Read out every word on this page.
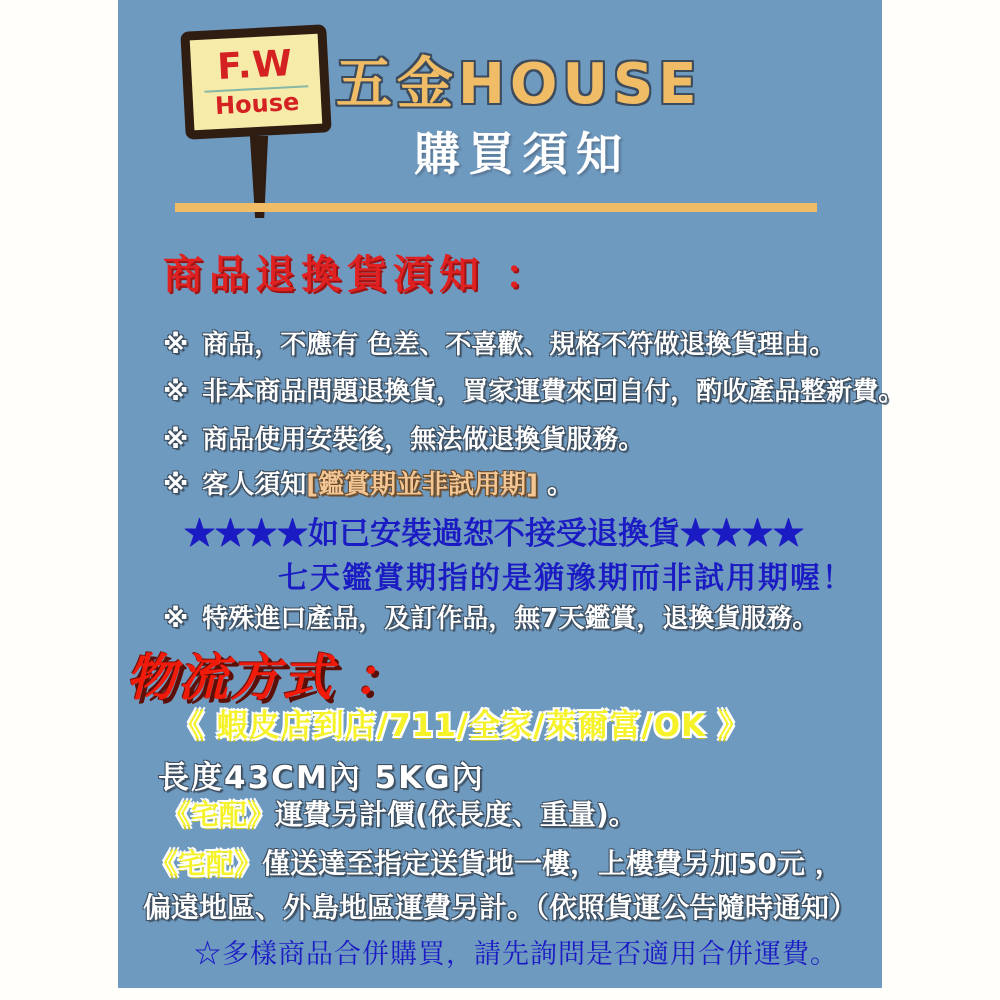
F.W
House 五金HOUSE
購買須知
商品退換貨湏知 ：
※ 商品，不應有 色差、不喜歡、規格不符做退換貨理由。
※ 非本商品問題退換貨，買家運費來回自付，酌收產品整新費。
※ 商品使用安裝後，無法做退換貨服務。
※ 客人須知[鑑賞期並非試用期] 。
★★★★如已安裝過恕不接受退換貨★★★★
七天鑑賞期指的是猶豫期而非試用期喔！
※ 特殊進口產品，及訂作品，無7天鑑賞，退換貨服務。
物流方式 ：
《 蝦皮店到店/711/全家/萊爾富/OK 》
長度43CM內 5KG內
《宅配》運費另計價(依長度、重量)。
《宅配》僅送達至指定送貨地一樓，上樓費另加50元 ，
偏遠地區、外島地區運費另計。（依照貨運公告隨時通知）
☆多樣商品合併購買，請先詢問是否適用合併運費。
